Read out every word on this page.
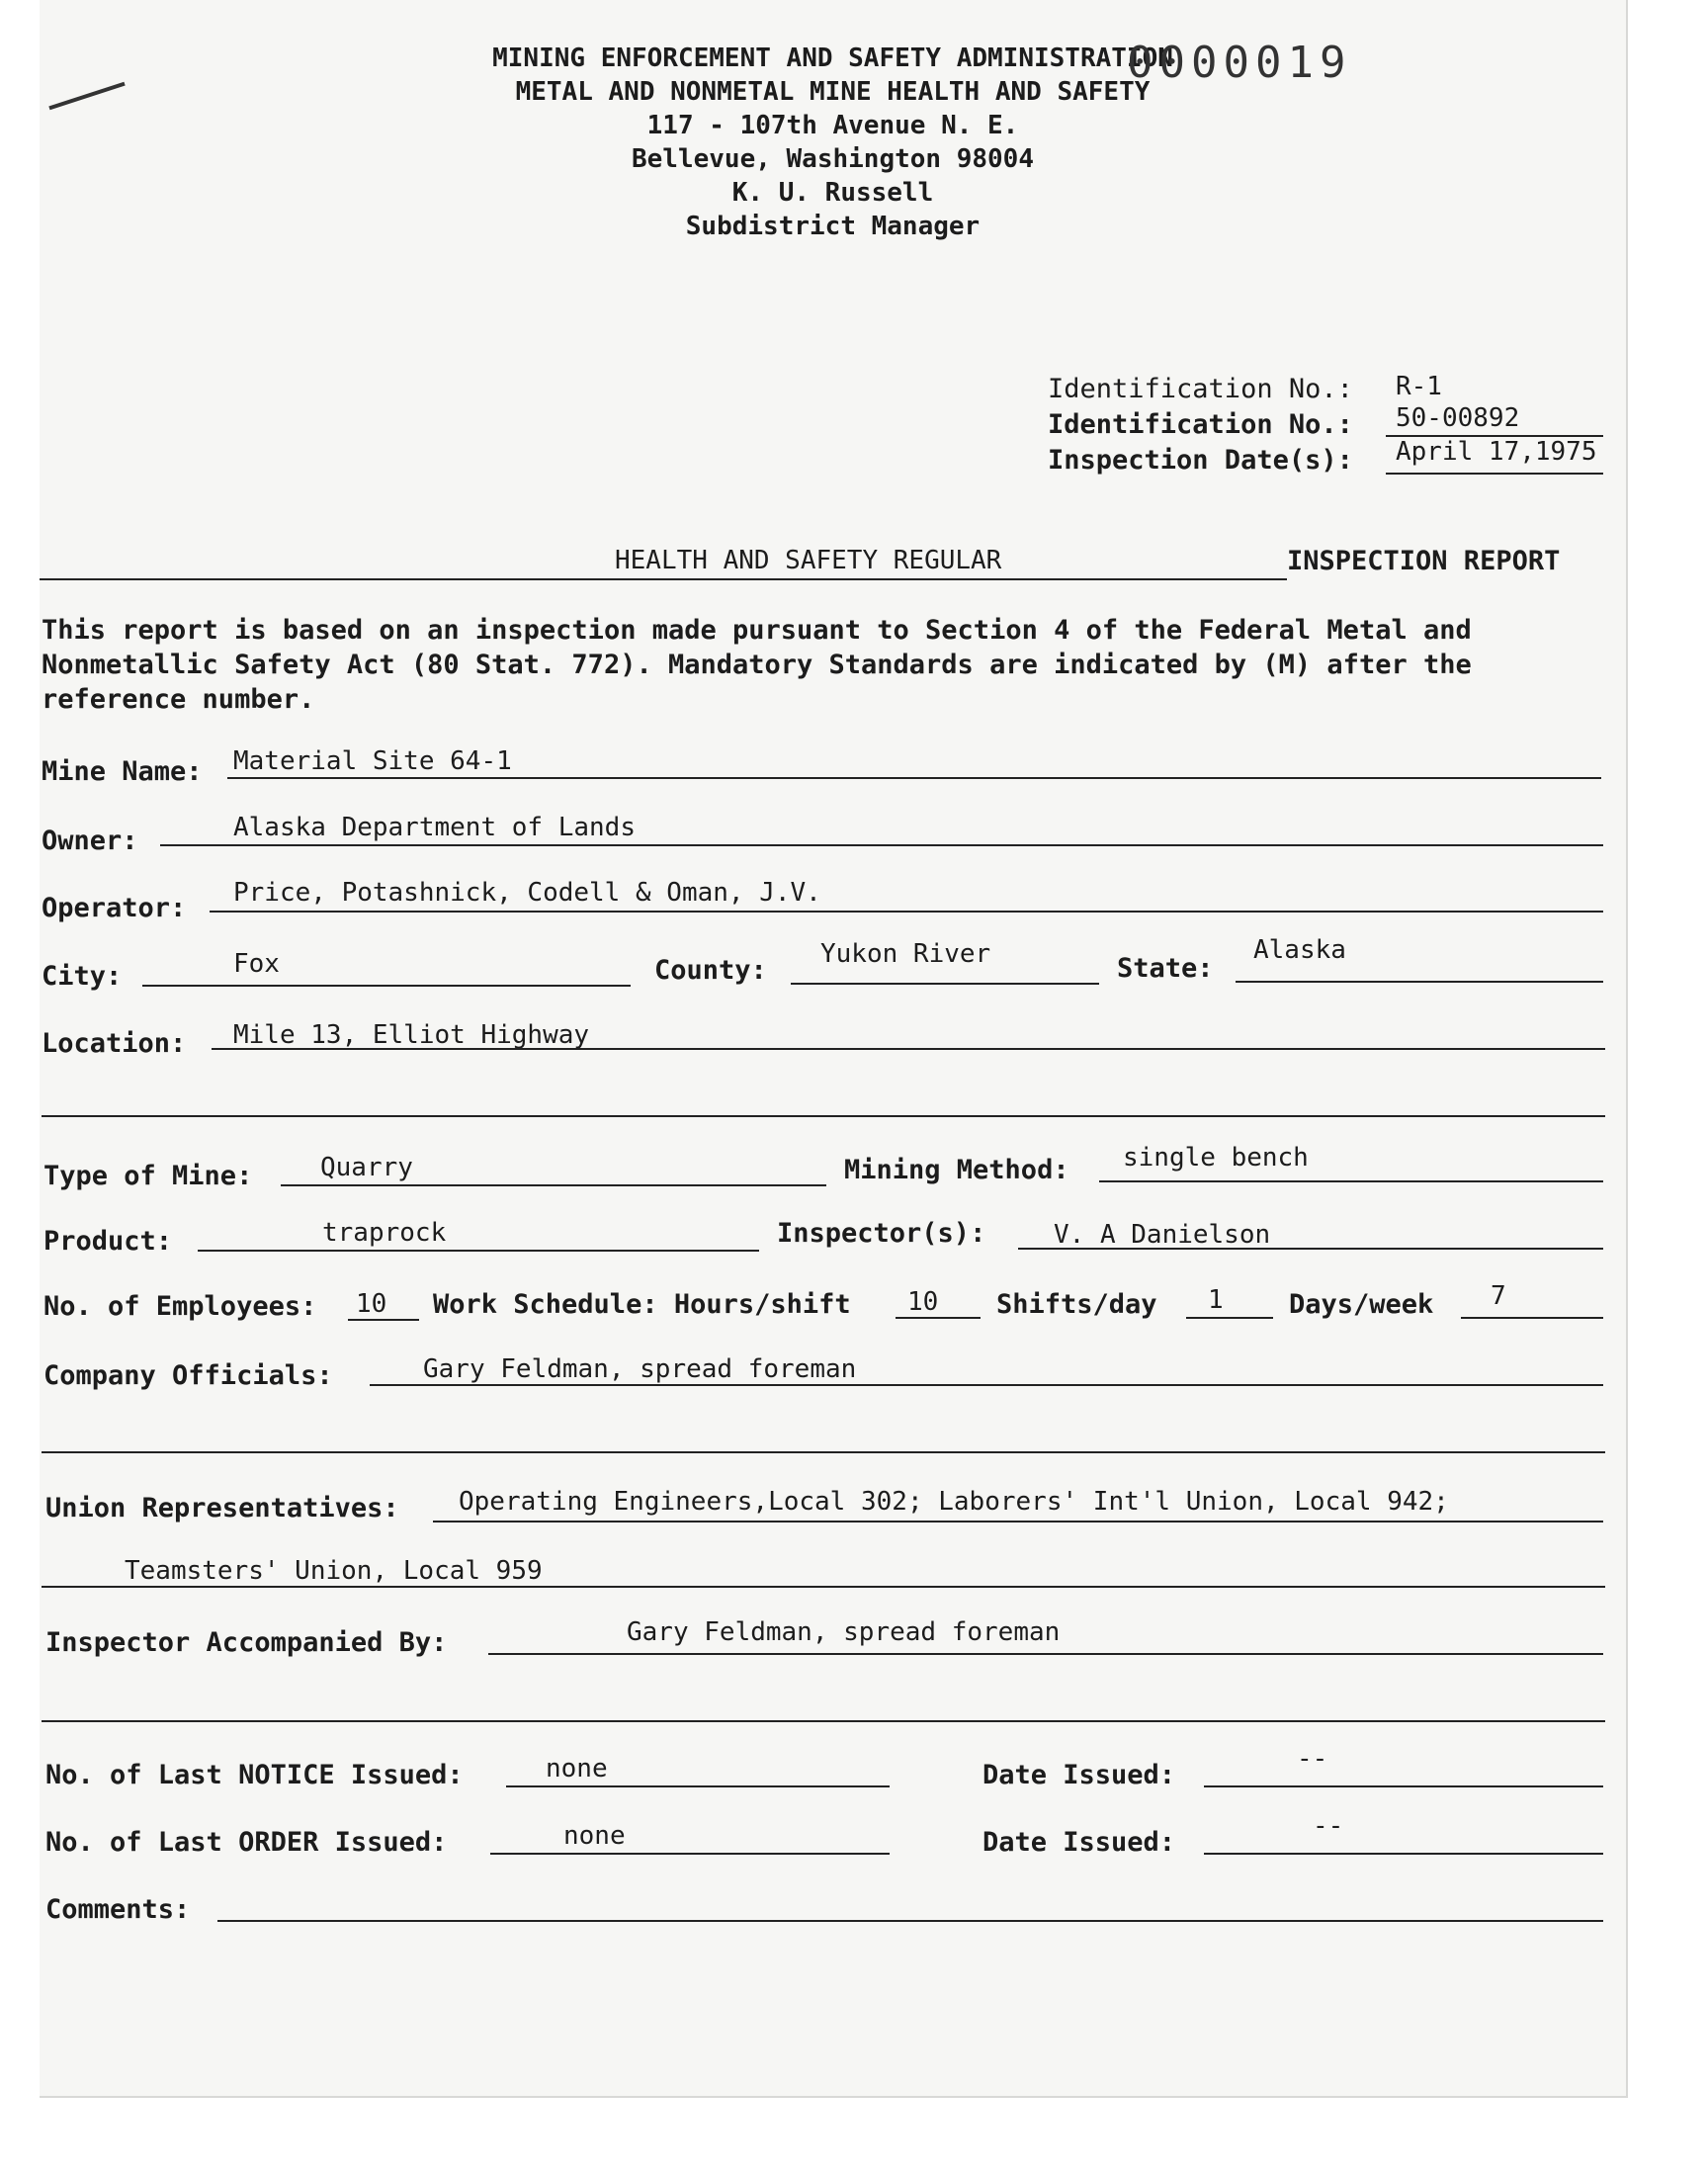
MINING ENFORCEMENT AND SAFETY ADMINISTRATION
METAL AND NONMETAL MINE HEALTH AND SAFETY
117 - 107th Avenue N. E.
Bellevue, Washington 98004
K. U. Russell
Subdistrict Manager
0000019
Identification No.: R-1
Identification No.: 50-00892
Inspection Date(s): April 17,1975
HEALTH AND SAFETY REGULAR	INSPECTION REPORT
This report is based on an inspection made pursuant to Section 4 of the Federal Metal and Nonmetallic Safety Act (80 Stat. 772). Mandatory Standards are indicated by (M) after the reference number.
Mine Name: Material Site 64-1
Owner:	Alaska Department of Lands
Operator: Price, Potashnick, Codell & Oman, J.V.
City:	Fox	County:
Yukon River	State:
Alaska
Location: Mile 13, Elliot Highway
Type of Mine:	Quarry	Mining Method: single bench
Product:	traprock	Inspector(s):	V. A Danielson
No. of Employees: 10 Work Schedule: Hours/shift 10 Shifts/day 1 Days/week 7
Company Officials:	Gary Feldman, spread foreman
Union Representatives: Operating Engineers,Local 302; Laborers' Int'l Union, Local 942;
Teamsters' Union, Local 959
Inspector Accompanied By:	Gary Feldman, spread foreman
No. of Last NOTICE Issued:	none	Date Issued:
--
No. of Last ORDER Issued:	none	Date Issued:
--
Comments:
